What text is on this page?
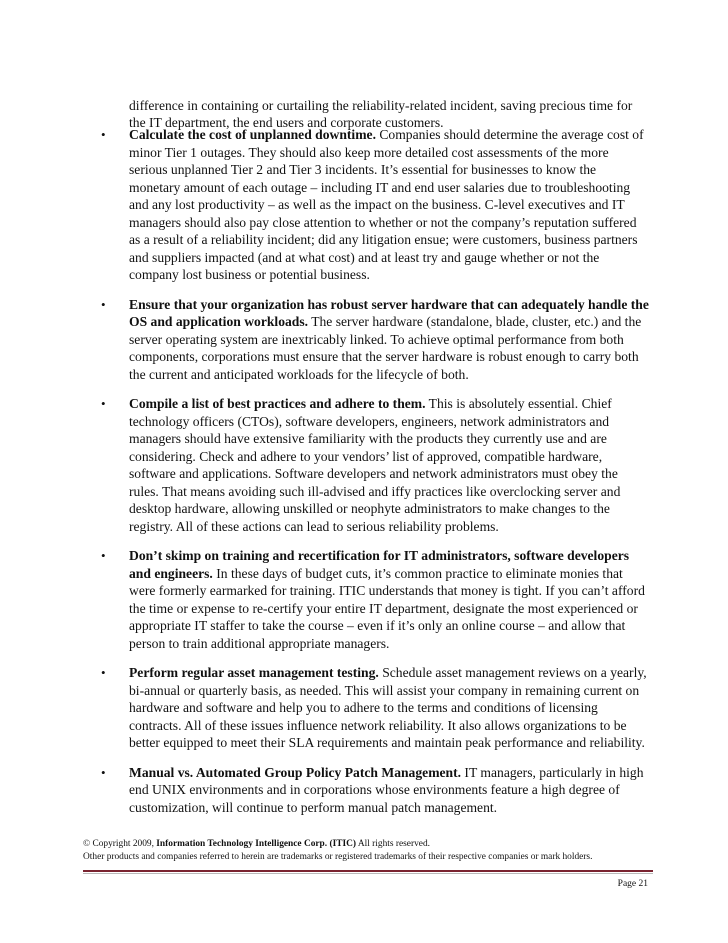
difference in containing or curtailing the reliability-related incident, saving precious time for the IT department, the end users and corporate customers.

• Calculate the cost of unplanned downtime. Companies should determine the average cost of minor Tier 1 outages. They should also keep more detailed cost assessments of the more serious unplanned Tier 2 and Tier 3 incidents. It’s essential for businesses to know the monetary amount of each outage – including IT and end user salaries due to troubleshooting and any lost productivity – as well as the impact on the business. C-level executives and IT managers should also pay close attention to whether or not the company’s reputation suffered as a result of a reliability incident; did any litigation ensue; were customers, business partners and suppliers impacted (and at what cost) and at least try and gauge whether or not the company lost business or potential business.
• Ensure that your organization has robust server hardware that can adequately handle the OS and application workloads. The server hardware (standalone, blade, cluster, etc.) and the server operating system are inextricably linked. To achieve optimal performance from both components, corporations must ensure that the server hardware is robust enough to carry both the current and anticipated workloads for the lifecycle of both.
• Compile a list of best practices and adhere to them. This is absolutely essential. Chief technology officers (CTOs), software developers, engineers, network administrators and managers should have extensive familiarity with the products they currently use and are considering. Check and adhere to your vendors’ list of approved, compatible hardware, software and applications. Software developers and network administrators must obey the rules. That means avoiding such ill-advised and iffy practices like overclocking server and desktop hardware, allowing unskilled or neophyte administrators to make changes to the registry. All of these actions can lead to serious reliability problems.
• Don’t skimp on training and recertification for IT administrators, software developers and engineers. In these days of budget cuts, it’s common practice to eliminate monies that were formerly earmarked for training. ITIC understands that money is tight. If you can’t afford the time or expense to re-certify your entire IT department, designate the most experienced or appropriate IT staffer to take the course – even if it’s only an online course – and allow that person to train additional appropriate managers.
• Perform regular asset management testing. Schedule asset management reviews on a yearly, bi-annual or quarterly basis, as needed. This will assist your company in remaining current on hardware and software and help you to adhere to the terms and conditions of licensing contracts. All of these issues influence network reliability. It also allows organizations to be better equipped to meet their SLA requirements and maintain peak performance and reliability.
• Manual vs. Automated Group Policy Patch Management. IT managers, particularly in high end UNIX environments and in corporations whose environments feature a high degree of customization, will continue to perform manual patch management.
© Copyright 2009, Information Technology Intelligence Corp. (ITIC) All rights reserved.
Other products and companies referred to herein are trademarks or registered trademarks of their respective companies or mark holders.
Page 21
